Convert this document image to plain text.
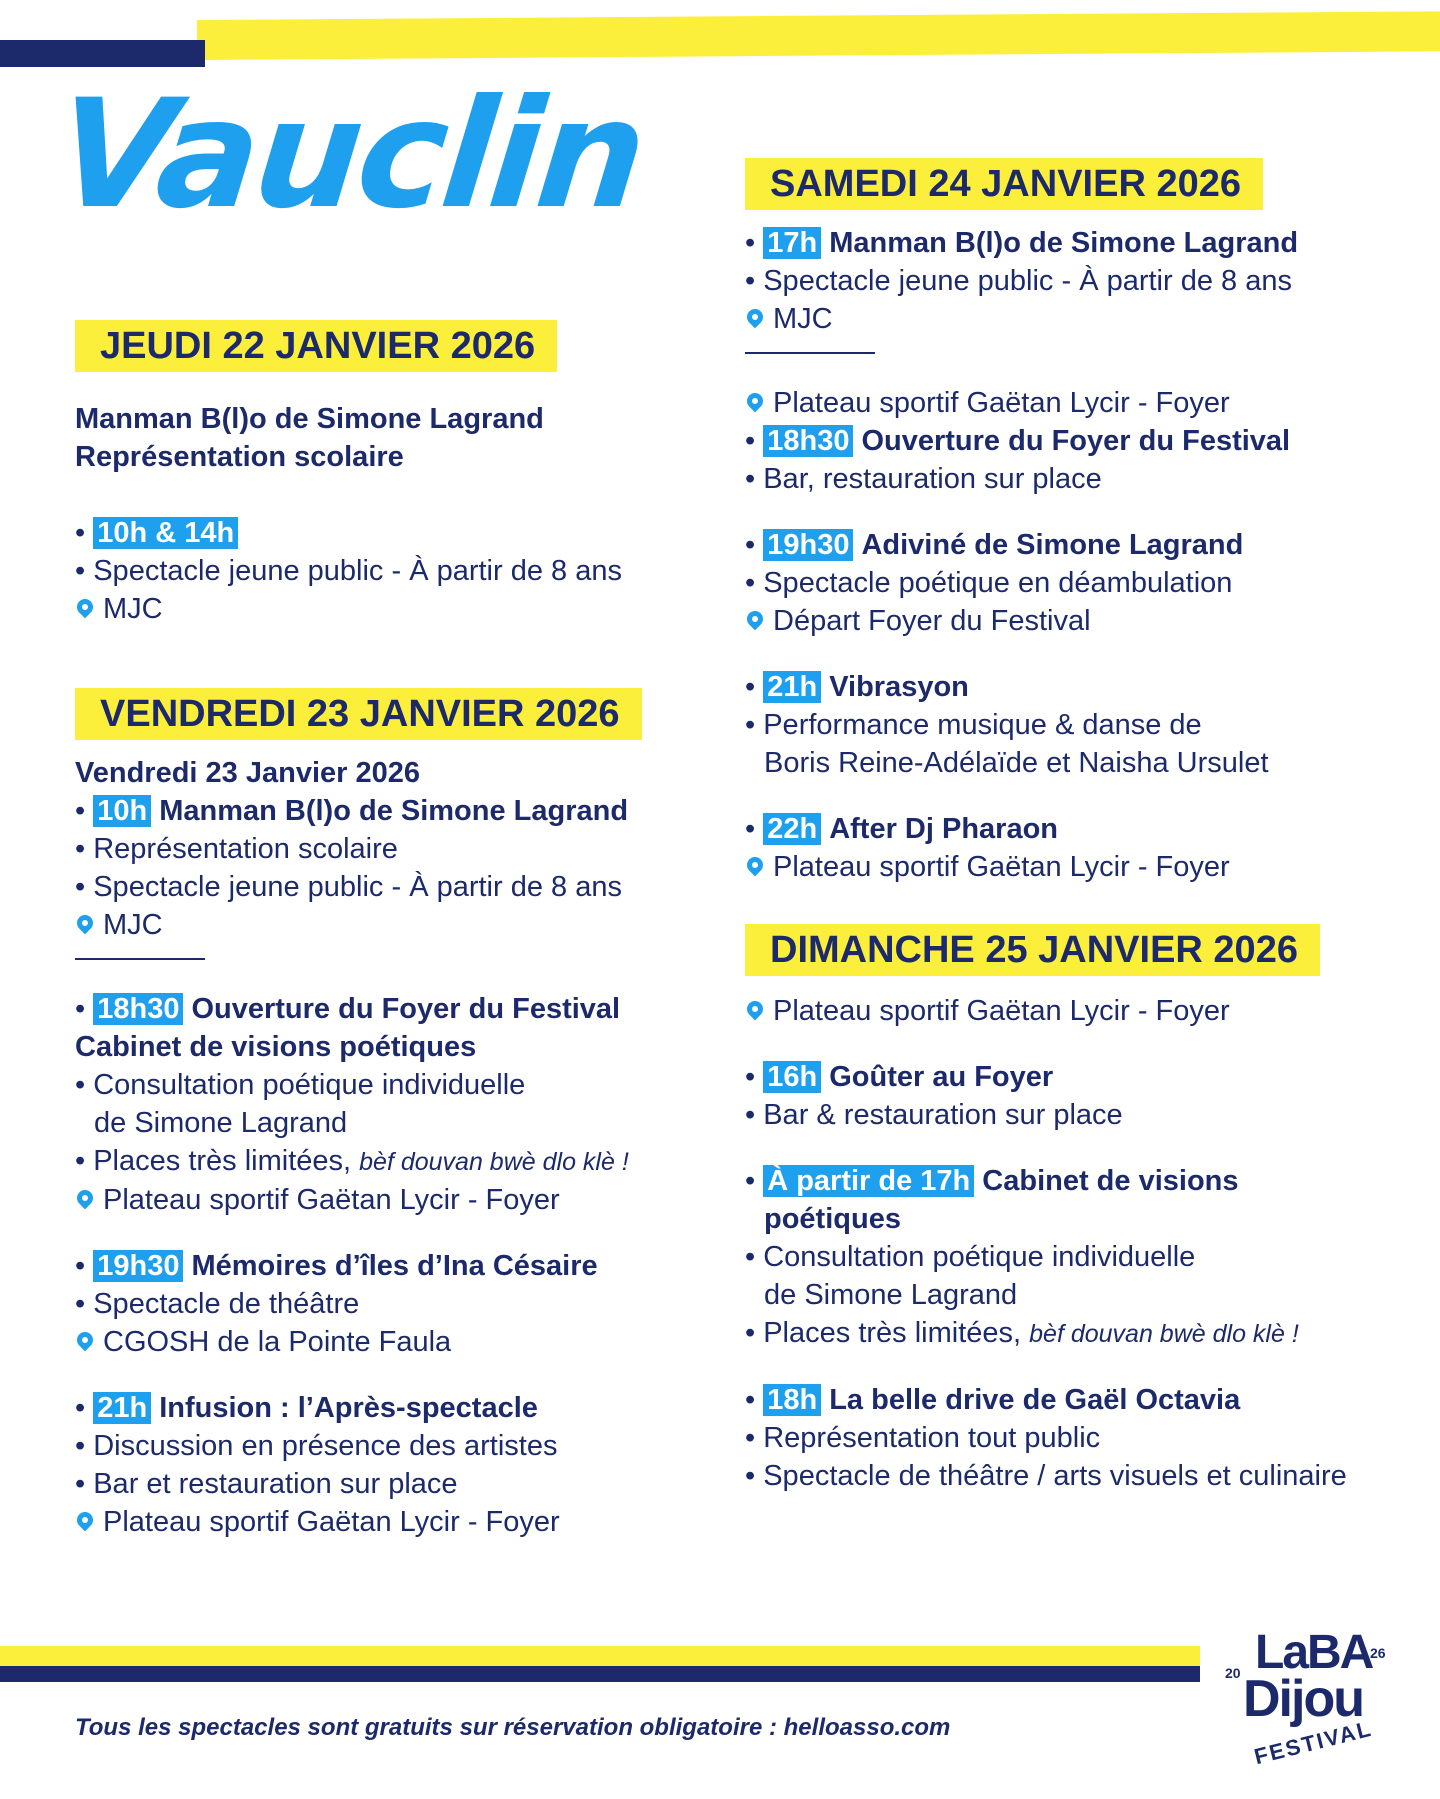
Vauclin
JEUDI 22 JANVIER 2026
Manman B(l)o de Simone Lagrand
Représentation scolaire
• 10h & 14h
• Spectacle jeune public - À partir de 8 ans
MJC
VENDREDI 23 JANVIER 2026
Vendredi 23 Janvier 2026
• 10h Manman B(l)o de Simone Lagrand
• Représentation scolaire
• Spectacle jeune public - À partir de 8 ans
MJC
• 18h30 Ouverture du Foyer du Festival
Cabinet de visions poétiques
• Consultation poétique individuelle
de Simone Lagrand
• Places très limitées, bèf douvan bwè dlo klè !
Plateau sportif Gaëtan Lycir - Foyer
• 19h30 Mémoires d’îles d’Ina Césaire
• Spectacle de théâtre
CGOSH de la Pointe Faula
• 21h Infusion : l’Après-spectacle
• Discussion en présence des artistes
• Bar et restauration sur place
Plateau sportif Gaëtan Lycir - Foyer
SAMEDI 24 JANVIER 2026
• 17h Manman B(l)o de Simone Lagrand
• Spectacle jeune public - À partir de 8 ans
MJC
Plateau sportif Gaëtan Lycir - Foyer
• 18h30 Ouverture du Foyer du Festival
• Bar, restauration sur place
• 19h30 Adiviné de Simone Lagrand
• Spectacle poétique en déambulation
Départ Foyer du Festival
• 21h Vibrasyon
• Performance musique & danse de
Boris Reine-Adélaïde et Naisha Ursulet
• 22h After Dj Pharaon
Plateau sportif Gaëtan Lycir - Foyer
DIMANCHE 25 JANVIER 2026
Plateau sportif Gaëtan Lycir - Foyer
• 16h Goûter au Foyer
• Bar & restauration sur place
• À partir de 17h Cabinet de visions
poétiques
• Consultation poétique individuelle
de Simone Lagrand
• Places très limitées, bèf douvan bwè dlo klè !
• 18h La belle drive de Gaël Octavia
• Représentation tout public
• Spectacle de théâtre / arts visuels et culinaire
Tous les spectacles sont gratuits sur réservation obligatoire : helloasso.com
LaBA
20
26
Dijou
FESTIVAL
